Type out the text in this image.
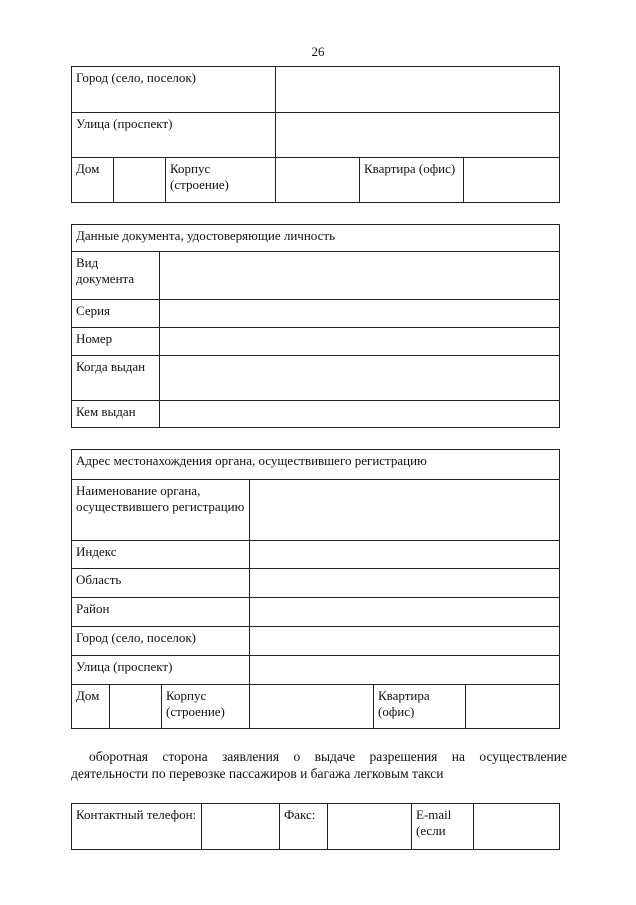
26
Город (село, поселок)					

Улица (проспект)					

Дом		Корпус (строение)		Квартира (офис)	
Данные документа, удостоверяющие личность	
Вид документа	
Серия	
Номер	
Когда выдан	
Кем выдан	
Адрес местонахождения органа, осуществившего регистрацию					

Наименование органа, осуществившего регистрацию					

Индекс					
Область					
Район					
Город (село, поселок)					
Улица (проспект)					
Дом		Корпус (строение)		Квартира (офис)	
оборотная сторона заявления о выдаче разрешения на осуществление деятельности по перевозке пассажиров и багажа легковым такси
Контактный телефон:		Факс:		E-mail (если
